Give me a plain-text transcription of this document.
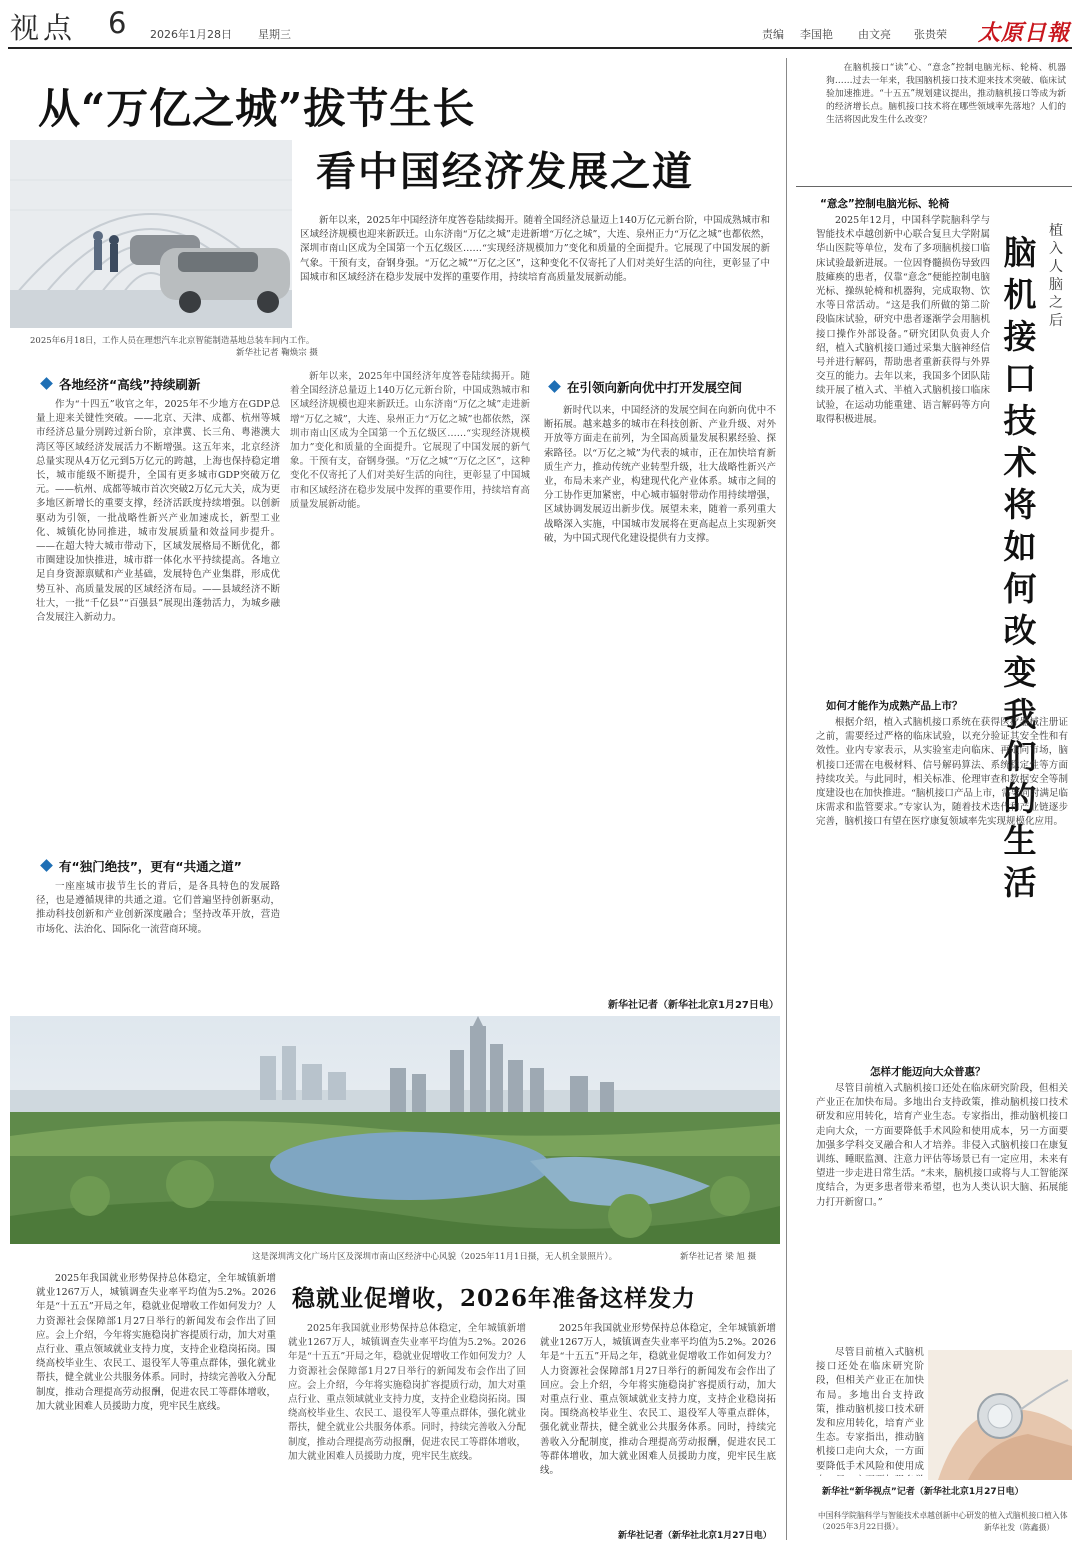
视点 6 2026年1月28日 星期三	责编 李国艳 由文亮 张贵荣 太原日報
从“万亿之城”拔节生长
看中国经济发展之道
2025年6月18日，工作人员在理想汽车北京智能制造基地总装车间内工作。
新华社记者 鞠焕宗 摄
新年以来，2025年中国经济年度答卷陆续揭开。随着全国经济总量迈上140万亿元新台阶，中国成熟城市和区域经济规模也迎来新跃迁。山东济南“万亿之城”走进新增“万亿之城”，大连、泉州正力“万亿之城”也都依然，深圳市南山区成为全国第一个五亿级区……“实现经济规模加力”变化和质量的全面提升。它展现了中国发展的新气象。干预有支，奋钢身强。“万亿之城”“万亿之区”，这种变化不仅寄托了人们对美好生活的向往，更彰显了中国城市和区域经济在稳步发展中发挥的重要作用，持续培育高质量发展新动能。
各地经济“高线”持续刷新
作为“十四五”收官之年，2025年不少地方在GDP总量上迎来关键性突破。——北京、天津、成都、杭州等城市经济总量分别跨过新台阶，京津冀、长三角、粤港澳大湾区等区域经济发展活力不断增强。这五年来，北京经济总量实现从4万亿元到5万亿元的跨越，上海也保持稳定增长，城市能级不断提升，全国有更多城市GDP突破万亿元。——杭州、成都等城市首次突破2万亿元大关，成为更多地区新增长的重要支撑，经济活跃度持续增强。以创新驱动为引领，一批战略性新兴产业加速成长，新型工业化、城镇化协同推进，城市发展质量和效益同步提升。——在超大特大城市带动下，区域发展格局不断优化，都市圈建设加快推进，城市群一体化水平持续提高。各地立足自身资源禀赋和产业基础，发展特色产业集群，形成优势互补、高质量发展的区域经济布局。——县域经济不断壮大，一批“千亿县”“百强县”展现出蓬勃活力，为城乡融合发展注入新动力。
有“独门绝技”，更有“共通之道”
一座座城市拔节生长的背后，是各具特色的发展路径，也是遵循规律的共通之道。它们普遍坚持创新驱动，推动科技创新和产业创新深度融合；坚持改革开放，营造市场化、法治化、国际化一流营商环境。
新年以来，2025年中国经济年度答卷陆续揭开。随着全国经济总量迈上140万亿元新台阶，中国成熟城市和区域经济规模也迎来新跃迁。山东济南“万亿之城”走进新增“万亿之城”，大连、泉州正力“万亿之城”也都依然，深圳市南山区成为全国第一个五亿级区……“实现经济规模加力”变化和质量的全面提升。它展现了中国发展的新气象。干预有支，奋钢身强。“万亿之城”“万亿之区”，这种变化不仅寄托了人们对美好生活的向往，更彰显了中国城市和区域经济在稳步发展中发挥的重要作用，持续培育高质量发展新动能。
在引领向新向优中打开发展空间
新时代以来，中国经济的发展空间在向新向优中不断拓展。越来越多的城市在科技创新、产业升级、对外开放等方面走在前列，为全国高质量发展积累经验、探索路径。以“万亿之城”为代表的城市，正在加快培育新质生产力，推动传统产业转型升级，壮大战略性新兴产业，布局未来产业，构建现代化产业体系。城市之间的分工协作更加紧密，中心城市辐射带动作用持续增强，区域协调发展迈出新步伐。展望未来，随着一系列重大战略深入实施，中国城市发展将在更高起点上实现新突破，为中国式现代化建设提供有力支撑。
新华社记者（新华社北京1月27日电）
这是深圳湾文化广场片区及深圳市南山区经济中心风貌（2025年11月1日摄，无人机全景照片）。	新华社记者 梁 旭 摄
2025年我国就业形势保持总体稳定，全年城镇新增就业1267万人，城镇调查失业率平均值为5.2%。2026年是“十五五”开局之年，稳就业促增收工作如何发力？人力资源社会保障部1月27日举行的新闻发布会作出了回应。会上介绍，今年将实施稳岗扩容提质行动，加大对重点行业、重点领域就业支持力度，支持企业稳岗拓岗。围绕高校毕业生、农民工、退役军人等重点群体，强化就业帮扶，健全就业公共服务体系。同时，持续完善收入分配制度，推动合理提高劳动报酬，促进农民工等群体增收，加大就业困难人员援助力度，兜牢民生底线。
稳就业促增收，2026年准备这样发力
2025年我国就业形势保持总体稳定，全年城镇新增就业1267万人，城镇调查失业率平均值为5.2%。2026年是“十五五”开局之年，稳就业促增收工作如何发力？人力资源社会保障部1月27日举行的新闻发布会作出了回应。会上介绍，今年将实施稳岗扩容提质行动，加大对重点行业、重点领域就业支持力度，支持企业稳岗拓岗。围绕高校毕业生、农民工、退役军人等重点群体，强化就业帮扶，健全就业公共服务体系。同时，持续完善收入分配制度，推动合理提高劳动报酬，促进农民工等群体增收，加大就业困难人员援助力度，兜牢民生底线。
2025年我国就业形势保持总体稳定，全年城镇新增就业1267万人，城镇调查失业率平均值为5.2%。2026年是“十五五”开局之年，稳就业促增收工作如何发力？人力资源社会保障部1月27日举行的新闻发布会作出了回应。会上介绍，今年将实施稳岗扩容提质行动，加大对重点行业、重点领域就业支持力度，支持企业稳岗拓岗。围绕高校毕业生、农民工、退役军人等重点群体，强化就业帮扶，健全就业公共服务体系。同时，持续完善收入分配制度，推动合理提高劳动报酬，促进农民工等群体增收，加大就业困难人员援助力度，兜牢民生底线。
新华社记者（新华社北京1月27日电）
在脑机接口“读”心、“意念”控制电脑光标、轮椅、机器狗……过去一年来，我国脑机接口技术迎来技术突破、临床试验加速推进。“十五五”规划建议提出，推动脑机接口等成为新的经济增长点。脑机接口技术将在哪些领域率先落地？人们的生活将因此发生什么改变？
植入人脑之后
脑机接口技术将如何改变我们的生活
“意念”控制电脑光标、轮椅
2025年12月，中国科学院脑科学与智能技术卓越创新中心联合复旦大学附属华山医院等单位，发布了多项脑机接口临床试验最新进展。一位因脊髓损伤导致四肢瘫痪的患者，仅靠“意念”便能控制电脑光标、操纵轮椅和机器狗，完成取物、饮水等日常活动。“这是我们所做的第二阶段临床试验，研究中患者逐渐学会用脑机接口操作外部设备。”研究团队负责人介绍，植入式脑机接口通过采集大脑神经信号并进行解码，帮助患者重新获得与外界交互的能力。去年以来，我国多个团队陆续开展了植入式、半植入式脑机接口临床试验，在运动功能重建、语言解码等方向取得积极进展。
如何才能作为成熟产品上市？
根据介绍，植入式脑机接口系统在获得医疗器械注册证之前，需要经过严格的临床试验，以充分验证其安全性和有效性。业内专家表示，从实验室走向临床、再走向市场，脑机接口还需在电极材料、信号解码算法、系统稳定性等方面持续攻关。与此同时，相关标准、伦理审查和数据安全等制度建设也在加快推进。“脑机接口产品上市，需要同时满足临床需求和监管要求。”专家认为，随着技术迭代和产业链逐步完善，脑机接口有望在医疗康复领域率先实现规模化应用。
怎样才能迈向大众普惠？
尽管目前植入式脑机接口还处在临床研究阶段，但相关产业正在加快布局。多地出台支持政策，推动脑机接口技术研发和应用转化，培育产业生态。专家指出，推动脑机接口走向大众，一方面要降低手术风险和使用成本，另一方面要加强多学科交叉融合和人才培养。非侵入式脑机接口在康复训练、睡眠监测、注意力评估等场景已有一定应用，未来有望进一步走进日常生活。“未来，脑机接口或将与人工智能深度结合，为更多患者带来希望，也为人类认识大脑、拓展能力打开新窗口。”
尽管目前植入式脑机接口还处在临床研究阶段，但相关产业正在加快布局。多地出台支持政策，推动脑机接口技术研发和应用转化，培育产业生态。专家指出，推动脑机接口走向大众，一方面要降低手术风险和使用成
新华社“新华视点”记者（新华社北京1月27日电）
中国科学院脑科学与智能技术卓越创新中心研发的植入式脑机接口植入体（2025年3月22日摄）。	新华社发（陈鑫摄）
